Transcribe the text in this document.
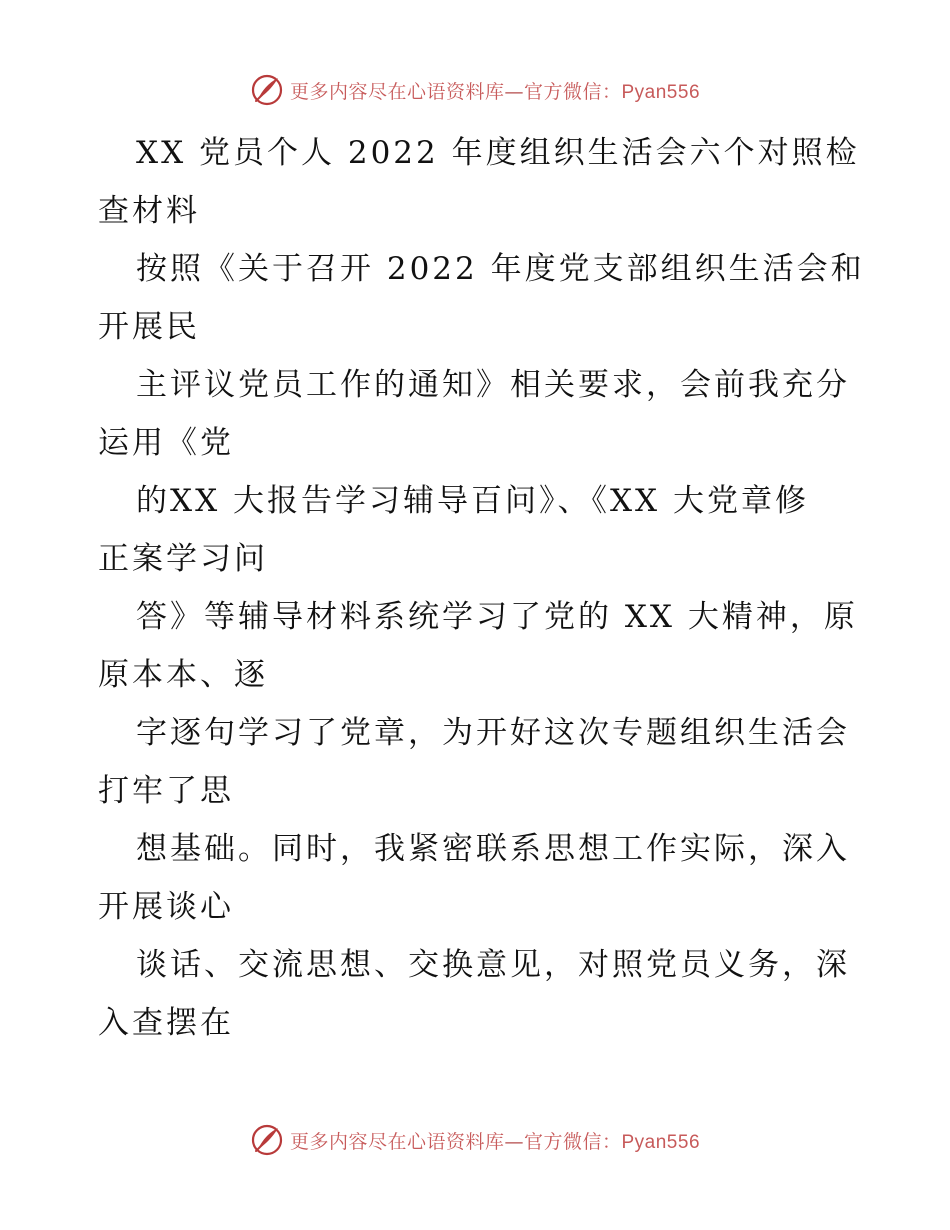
更多内容尽在心语资料库—官方微信：Pyan556
XX 党员个人 2022 年度组织生活会六个对照检
查材料
按照《关于召开 2022 年度党支部组织生活会和
开展民
主评议党员工作的通知》相关要求，会前我充分
运用《党
的XX 大报告学习辅导百问》、《XX 大党章修
正案学习问
答》等辅导材料系统学习了党的 XX 大精神，原
原本本、逐
字逐句学习了党章，为开好这次专题组织生活会
打牢了思
想基础。同时，我紧密联系思想工作实际，深入
开展谈心
谈话、交流思想、交换意见，对照党员义务，深
入查摆在
更多内容尽在心语资料库—官方微信：Pyan556
